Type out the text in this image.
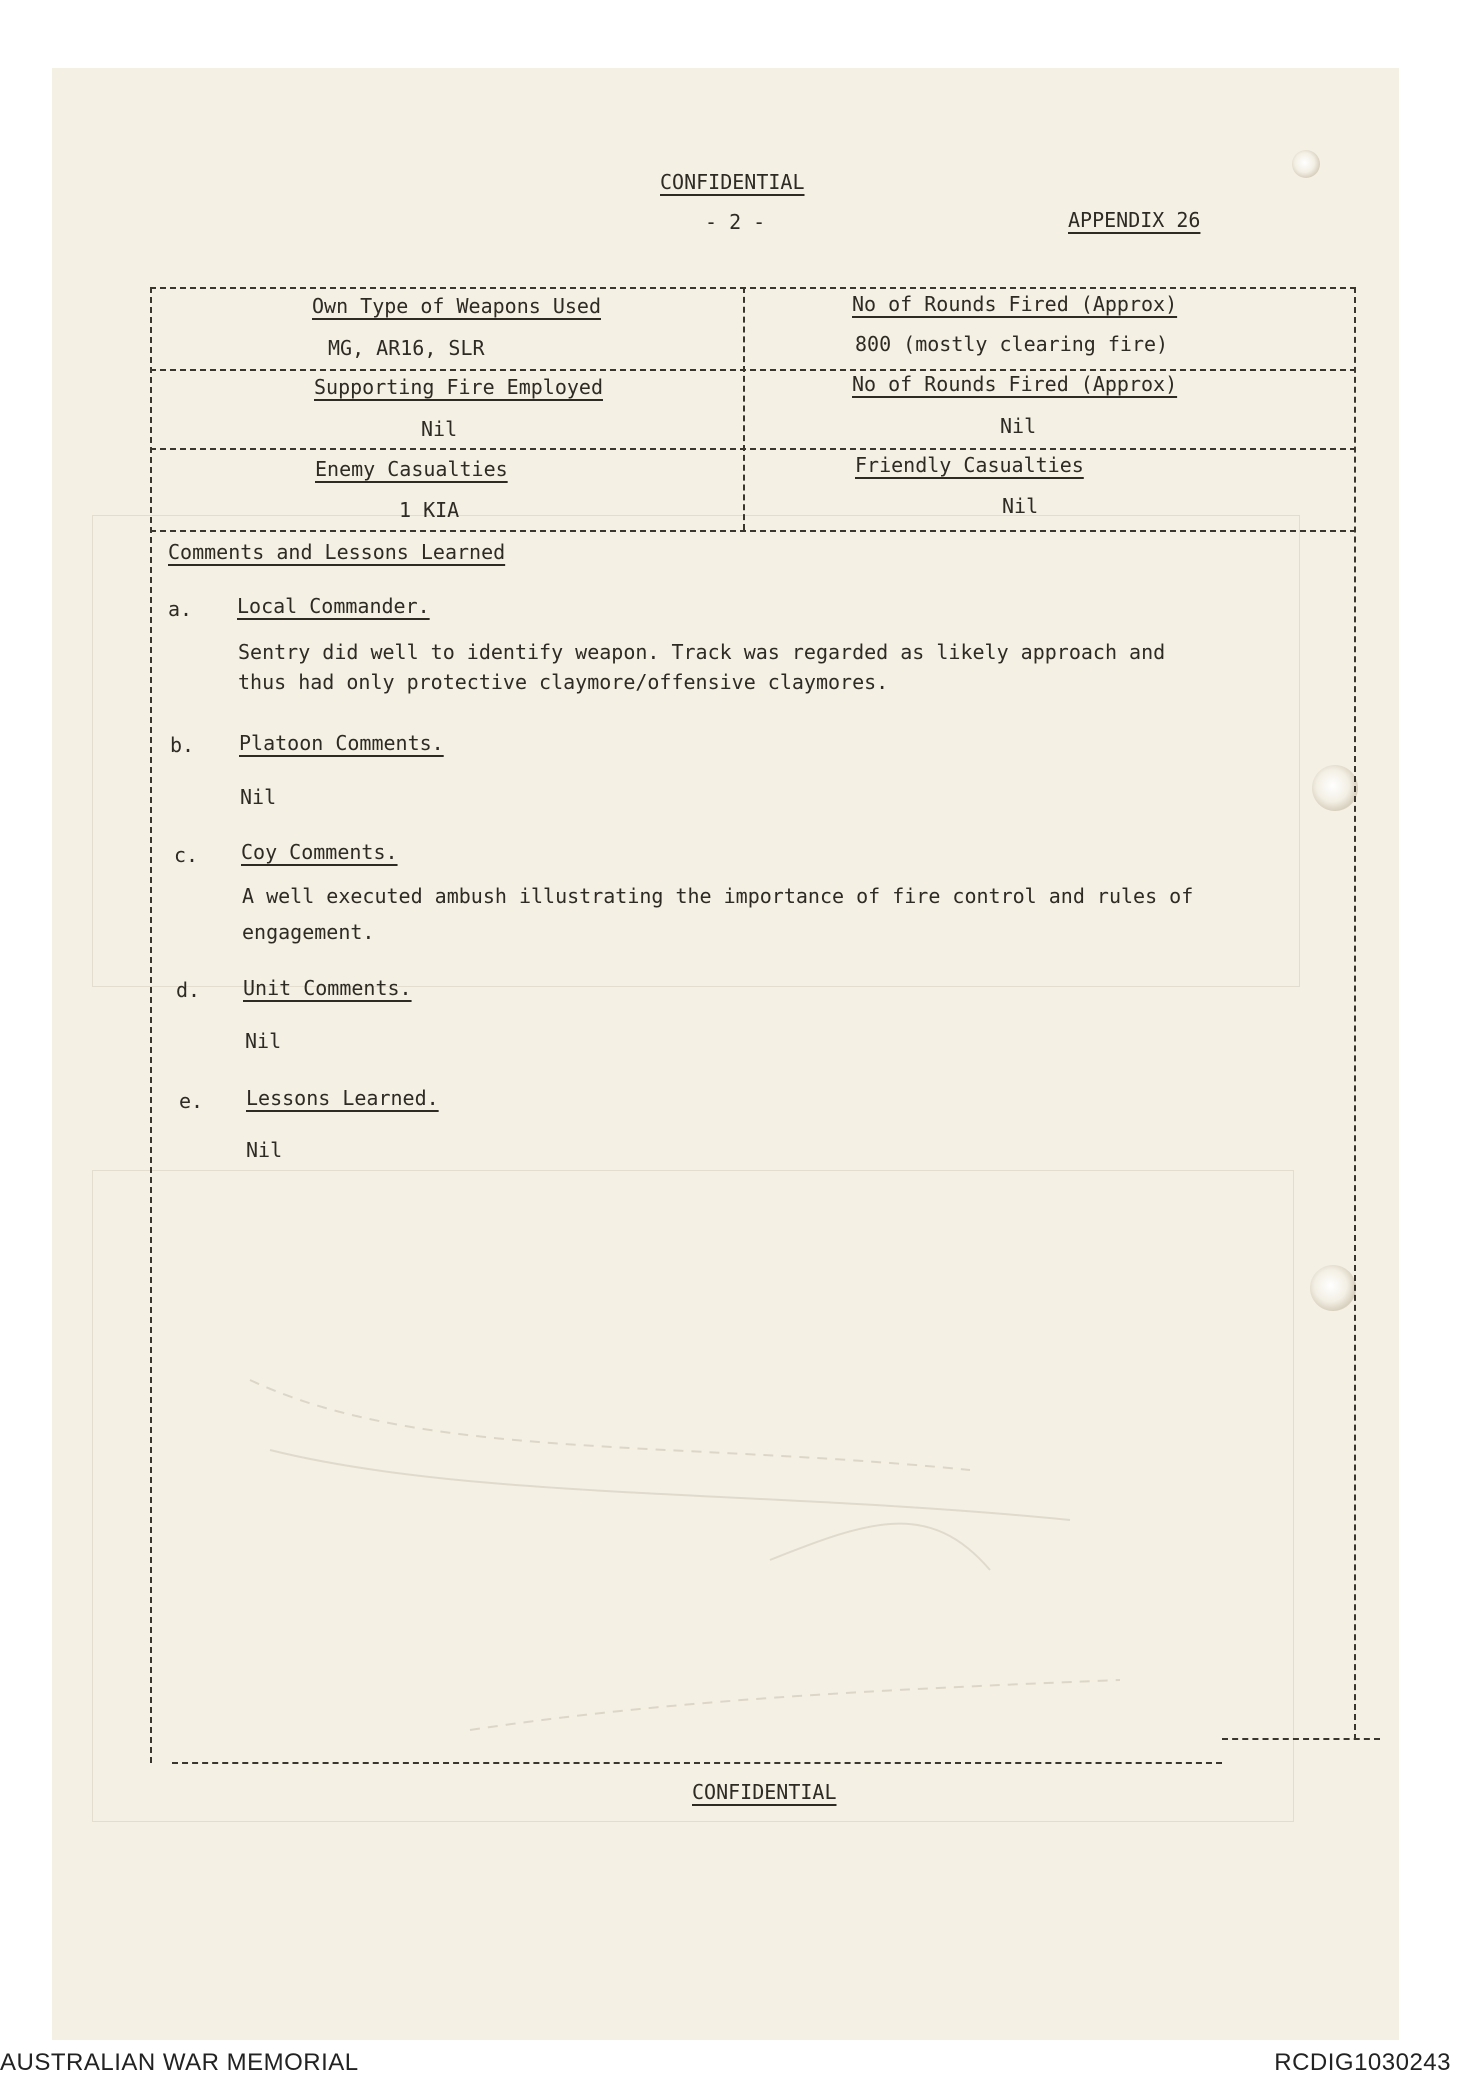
CONFIDENTIAL
- 2 -	APPENDIX 26
Own Type of Weapons Used
MG, AR16, SLR
No of Rounds Fired (Approx)
800 (mostly clearing fire)
Supporting Fire Employed
Nil
No of Rounds Fired (Approx)
Nil
Enemy Casualties
1 KIA
Friendly Casualties
Nil
Comments and Lessons Learned
a. Local Commander.
Sentry did well to identify weapon. Track was regarded as likely approach and
thus had only protective claymore/offensive claymores.
b. Platoon Comments.
Nil
c. Coy Comments.
A well executed ambush illustrating the importance of fire control and rules of
engagement.
d. Unit Comments.
Nil
e. Lessons Learned.
Nil
CONFIDENTIAL
AUSTRALIAN WAR MEMORIAL	RCDIG1030243
